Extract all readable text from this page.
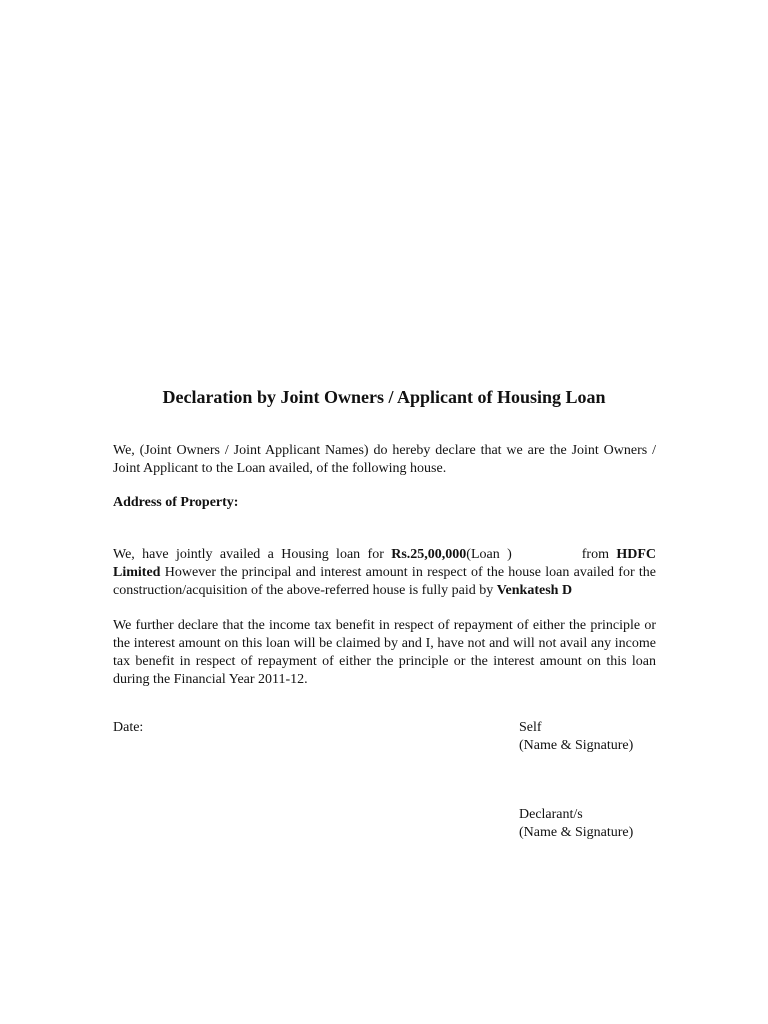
Declaration by Joint Owners / Applicant of Housing Loan

We, (Joint Owners / Joint Applicant Names) do hereby declare that we are the Joint Owners / Joint Applicant to the Loan availed, of the following house.

Address of Property:

We, have jointly availed a Housing loan for Rs.25,00,000(Loan )	from HDFC Limited However the principal and interest amount in respect of the house loan availed for the construction/acquisition of the above-referred house is fully paid by Venkatesh D

We further declare that the income tax benefit in respect of repayment of either the principle or the interest amount on this loan will be claimed by and I, have not and will not avail any income tax benefit in respect of repayment of either the principle or the interest amount on this loan during the Financial Year 2011-12.

Date:	Self
(Name & Signature)
Declarant/s
(Name & Signature)
